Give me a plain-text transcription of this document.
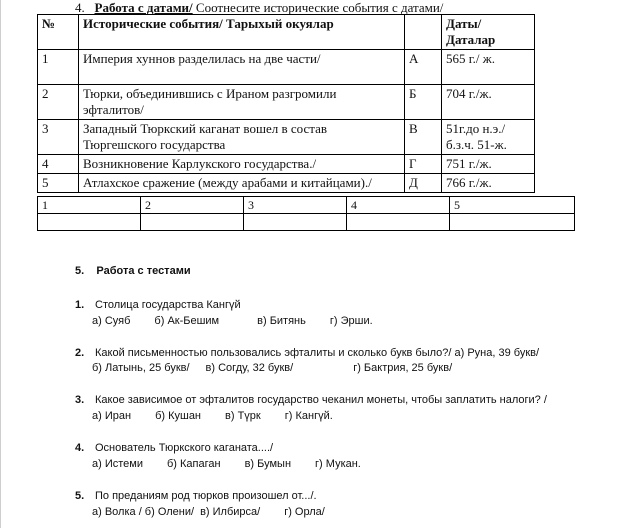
4. Работа с датами/ Соотнесите исторические события с датами/
№	Исторические события/ Тарыхый окуялар		Даты/ Даталар
1	Империя хуннов разделилась на две части/	А	565 г./ ж.
2	Тюрки, объединившись с Ираном разгромили эфталитов/	Б	704 г./ж.
3	Западный Тюркский каганат вошел в состав Тюргешского государства	В	51г.до н.э./б.з.ч. 51-ж.
4	Возникновение Карлукского государства./	Г	751 г./ж.
5	Атлахское сражение (между арабами и китайцами)./	Д	766 г./ж.
1	2	3	4	5

5. Работа с тестами
1. Столица государства Кангүй
а) Суяб б) Ак-Бешим	в) Битянь г) Эрши.
2. Какой письменностью пользовались эфталиты и сколько букв было?/ а) Руна, 39 букв/
б) Латынь, 25 букв/ в) Согду, 32 букв/	г) Бактрия, 25 букв/
3. Какое зависимое от эфталитов государство чеканил монеты, чтобы заплатить налоги? /
а) Иран б) Кушан в) Түрк г) Кангүй.
4. Основатель Тюркского каганата..../
а) Истеми б) Капаган в) Бумын г) Мукан.
5. По преданиям род тюрков произошел от.../.
а) Волка / б) Олени/ в) Илбирса/ г) Орла/
